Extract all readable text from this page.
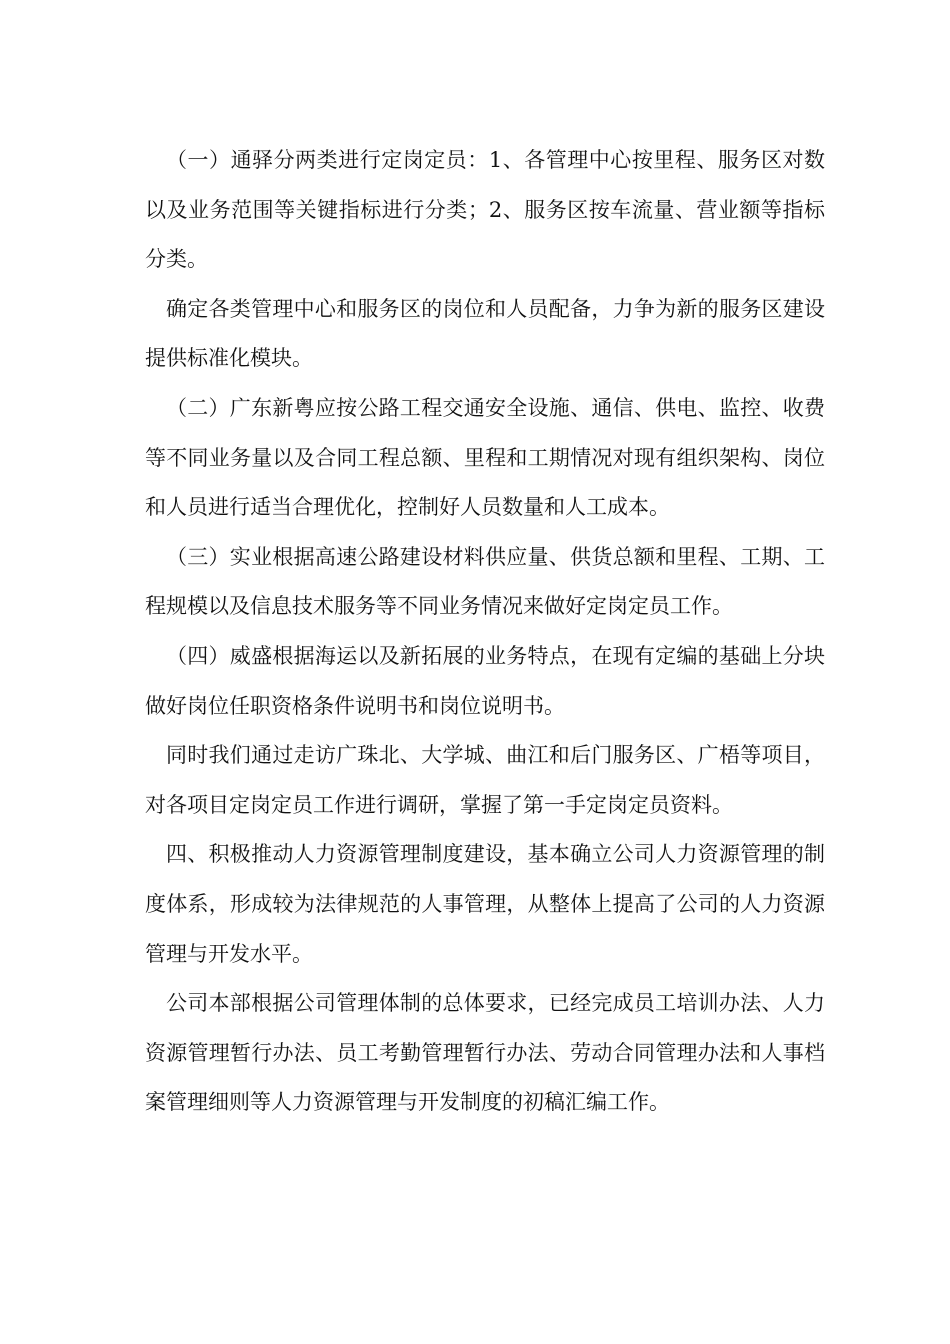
（一）通驿分两类进行定岗定员：1、各管理中心按里程、服务区对数以及业务范围等关键指标进行分类；2、服务区按车流量、营业额等指标分类。

确定各类管理中心和服务区的岗位和人员配备，力争为新的服务区建设提供标准化模块。

（二）广东新粤应按公路工程交通安全设施、通信、供电、监控、收费等不同业务量以及合同工程总额、里程和工期情况对现有组织架构、岗位和人员进行适当合理优化，控制好人员数量和人工成本。

（三）实业根据高速公路建设材料供应量、供货总额和里程、工期、工程规模以及信息技术服务等不同业务情况来做好定岗定员工作。

（四）威盛根据海运以及新拓展的业务特点，在现有定编的基础上分块做好岗位任职资格条件说明书和岗位说明书。

同时我们通过走访广珠北、大学城、曲江和后门服务区、广梧等项目，对各项目定岗定员工作进行调研，掌握了第一手定岗定员资料。

四、积极推动人力资源管理制度建设，基本确立公司人力资源管理的制度体系，形成较为法律规范的人事管理，从整体上提高了公司的人力资源管理与开发水平。

公司本部根据公司管理体制的总体要求，已经完成员工培训办法、人力资源管理暂行办法、员工考勤管理暂行办法、劳动合同管理办法和人事档案管理细则等人力资源管理与开发制度的初稿汇编工作。
